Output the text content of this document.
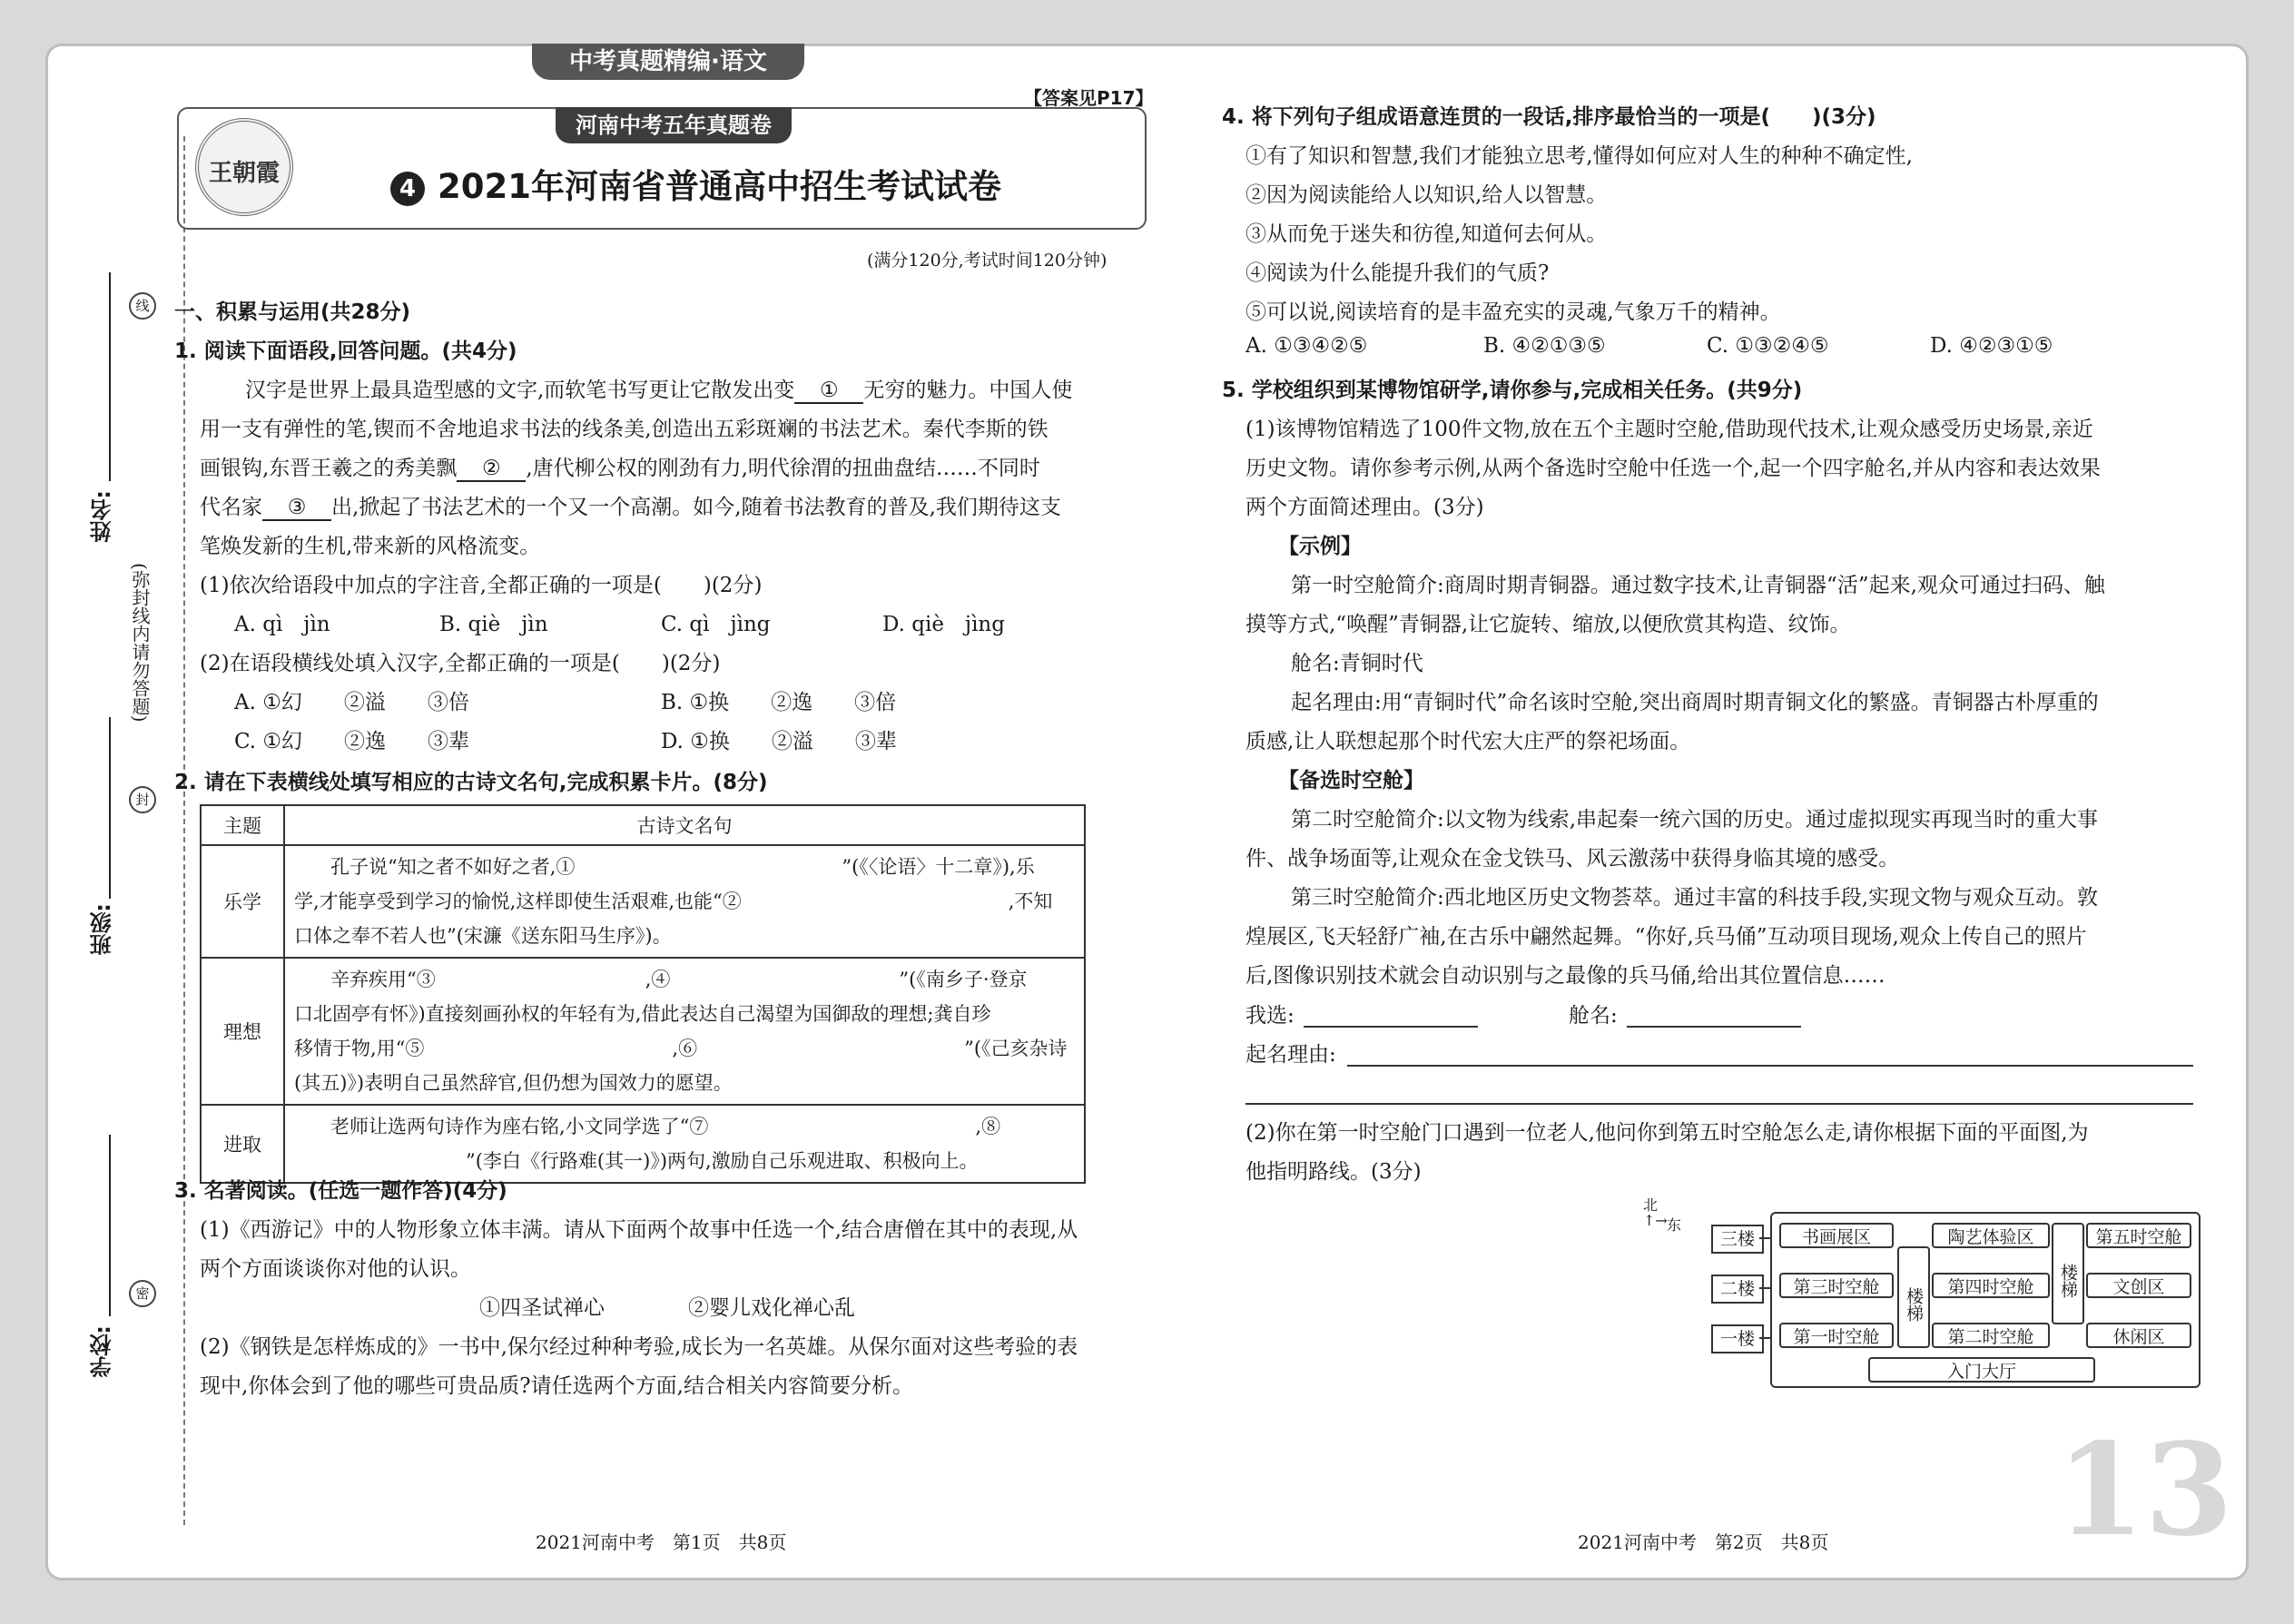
中考真题精编·语文
姓名:
班级:
学校:
线
封
密
(弥封线内请勿答题)
王朝霞
河南中考五年真题卷
【答案见P17】
4 2021年河南省普通高中招生考试试卷
(满分120分,考试时间120分钟)
一、积累与运用(共28分)
1. 阅读下面语段,回答问题。(共4分)
汉字是世界上最具造型感的文字,而软笔书写更让它散发出变 ① 无穷的魅力。中国人使
用一支有弹性的笔,锲而不舍地追求书法的线条美,创造出五彩斑斓的书法艺术。秦代李斯的铁
画银钩,东晋王羲之的秀美飘 ② ,唐代柳公权的刚劲有力,明代徐渭的扭曲盘结……不同时
代名家 ③ 出,掀起了书法艺术的一个又一个高潮。如今,随着书法教育的普及,我们期待这支
笔焕发新的生机,带来新的风格流变。
(1)依次给语段中加点的字注音,全都正确的一项是(　　)(2分)
A. qì　jìn	B. qiè　jìn	C. qì　jìng	D. qiè　jìng
(2)在语段横线处填入汉字,全都正确的一项是(　　)(2分)
A. ①幻　　②溢　　③倍	B. ①换　　②逸　　③倍
C. ①幻　　②逸　　③辈	D. ①换　　②溢　　③辈
2. 请在下表横线处填写相应的古诗文名句,完成积累卡片。(8分)
主题	古诗文名句
乐学	孔子说“知之者不如好之者,①　　　　　　　　　　　　　　”(《〈论语〉十二章》),乐
学,才能享受到学习的愉悦,这样即使生活艰难,也能“②　　　　　　　　　　　　　　,不知
口体之奉不若人也”(宋濂《送东阳马生序》)。

理想	辛弃疾用“③　　　　　　　　　　　,④　　　　　　　　　　　　”(《南乡子·登京
口北固亭有怀》)直接刻画孙权的年轻有为,借此表达自己渴望为国御敌的理想;龚自珍
移情于物,用“⑤　　　　　　　　　　　　　,⑥　　　　　　　　　　　　　　”(《己亥杂诗
(其五)》)表明自己虽然辞官,但仍想为国效力的愿望。

进取	老师让选两句诗作为座右铭,小文同学选了“⑦　　　　　　　　　　　　　　,⑧　　　　　
　　　　　　　　　”(李白《行路难(其一)》)两句,激励自己乐观进取、积极向上。
3. 名著阅读。(任选一题作答)(4分)
(1)《西游记》中的人物形象立体丰满。请从下面两个故事中任选一个,结合唐僧在其中的表现,从
两个方面谈谈你对他的认识。
①四圣试禅心　　　　②婴儿戏化禅心乱
(2)《钢铁是怎样炼成的》一书中,保尔经过种种考验,成长为一名英雄。从保尔面对这些考验的表
现中,你体会到了他的哪些可贵品质?请任选两个方面,结合相关内容简要分析。
2021河南中考　第1页　共8页
4. 将下列句子组成语意连贯的一段话,排序最恰当的一项是(　　)(3分)
①有了知识和智慧,我们才能独立思考,懂得如何应对人生的种种不确定性,
②因为阅读能给人以知识,给人以智慧。
③从而免于迷失和彷徨,知道何去何从。
④阅读为什么能提升我们的气质?
⑤可以说,阅读培育的是丰盈充实的灵魂,气象万千的精神。
A. ①③④②⑤	B. ④②①③⑤	C. ①③②④⑤	D. ④②③①⑤
5. 学校组织到某博物馆研学,请你参与,完成相关任务。(共9分)
(1)该博物馆精选了100件文物,放在五个主题时空舱,借助现代技术,让观众感受历史场景,亲近
历史文物。请你参考示例,从两个备选时空舱中任选一个,起一个四字舱名,并从内容和表达效果
两个方面简述理由。(3分)
【示例】
第一时空舱简介:商周时期青铜器。通过数字技术,让青铜器“活”起来,观众可通过扫码、触
摸等方式,“唤醒”青铜器,让它旋转、缩放,以便欣赏其构造、纹饰。
舱名:青铜时代
起名理由:用“青铜时代”命名该时空舱,突出商周时期青铜文化的繁盛。青铜器古朴厚重的
质感,让人联想起那个时代宏大庄严的祭祀场面。
【备选时空舱】
第二时空舱简介:以文物为线索,串起秦一统六国的历史。通过虚拟现实再现当时的重大事
件、战争场面等,让观众在金戈铁马、风云激荡中获得身临其境的感受。
第三时空舱简介:西北地区历史文物荟萃。通过丰富的科技手段,实现文物与观众互动。敦
煌展区,飞天轻舒广袖,在古乐中翩然起舞。“你好,兵马俑”互动项目现场,观众上传自己的照片
后,图像识别技术就会自动识别与之最像的兵马俑,给出其位置信息……
我选:	舱名:
起名理由:
(2)你在第一时空舱门口遇到一位老人,他问你到第五时空舱怎么走,请你根据下面的平面图,为
他指明路线。(3分)
北
↑→ 东
三楼
二楼
一楼
书画展区	陶艺体验区	第五时空舱
第三时空舱	第四时空舱	文创区
第一时空舱	第二时空舱	休闲区
入门大厅
楼梯
楼梯
13
2021河南中考　第2页　共8页
